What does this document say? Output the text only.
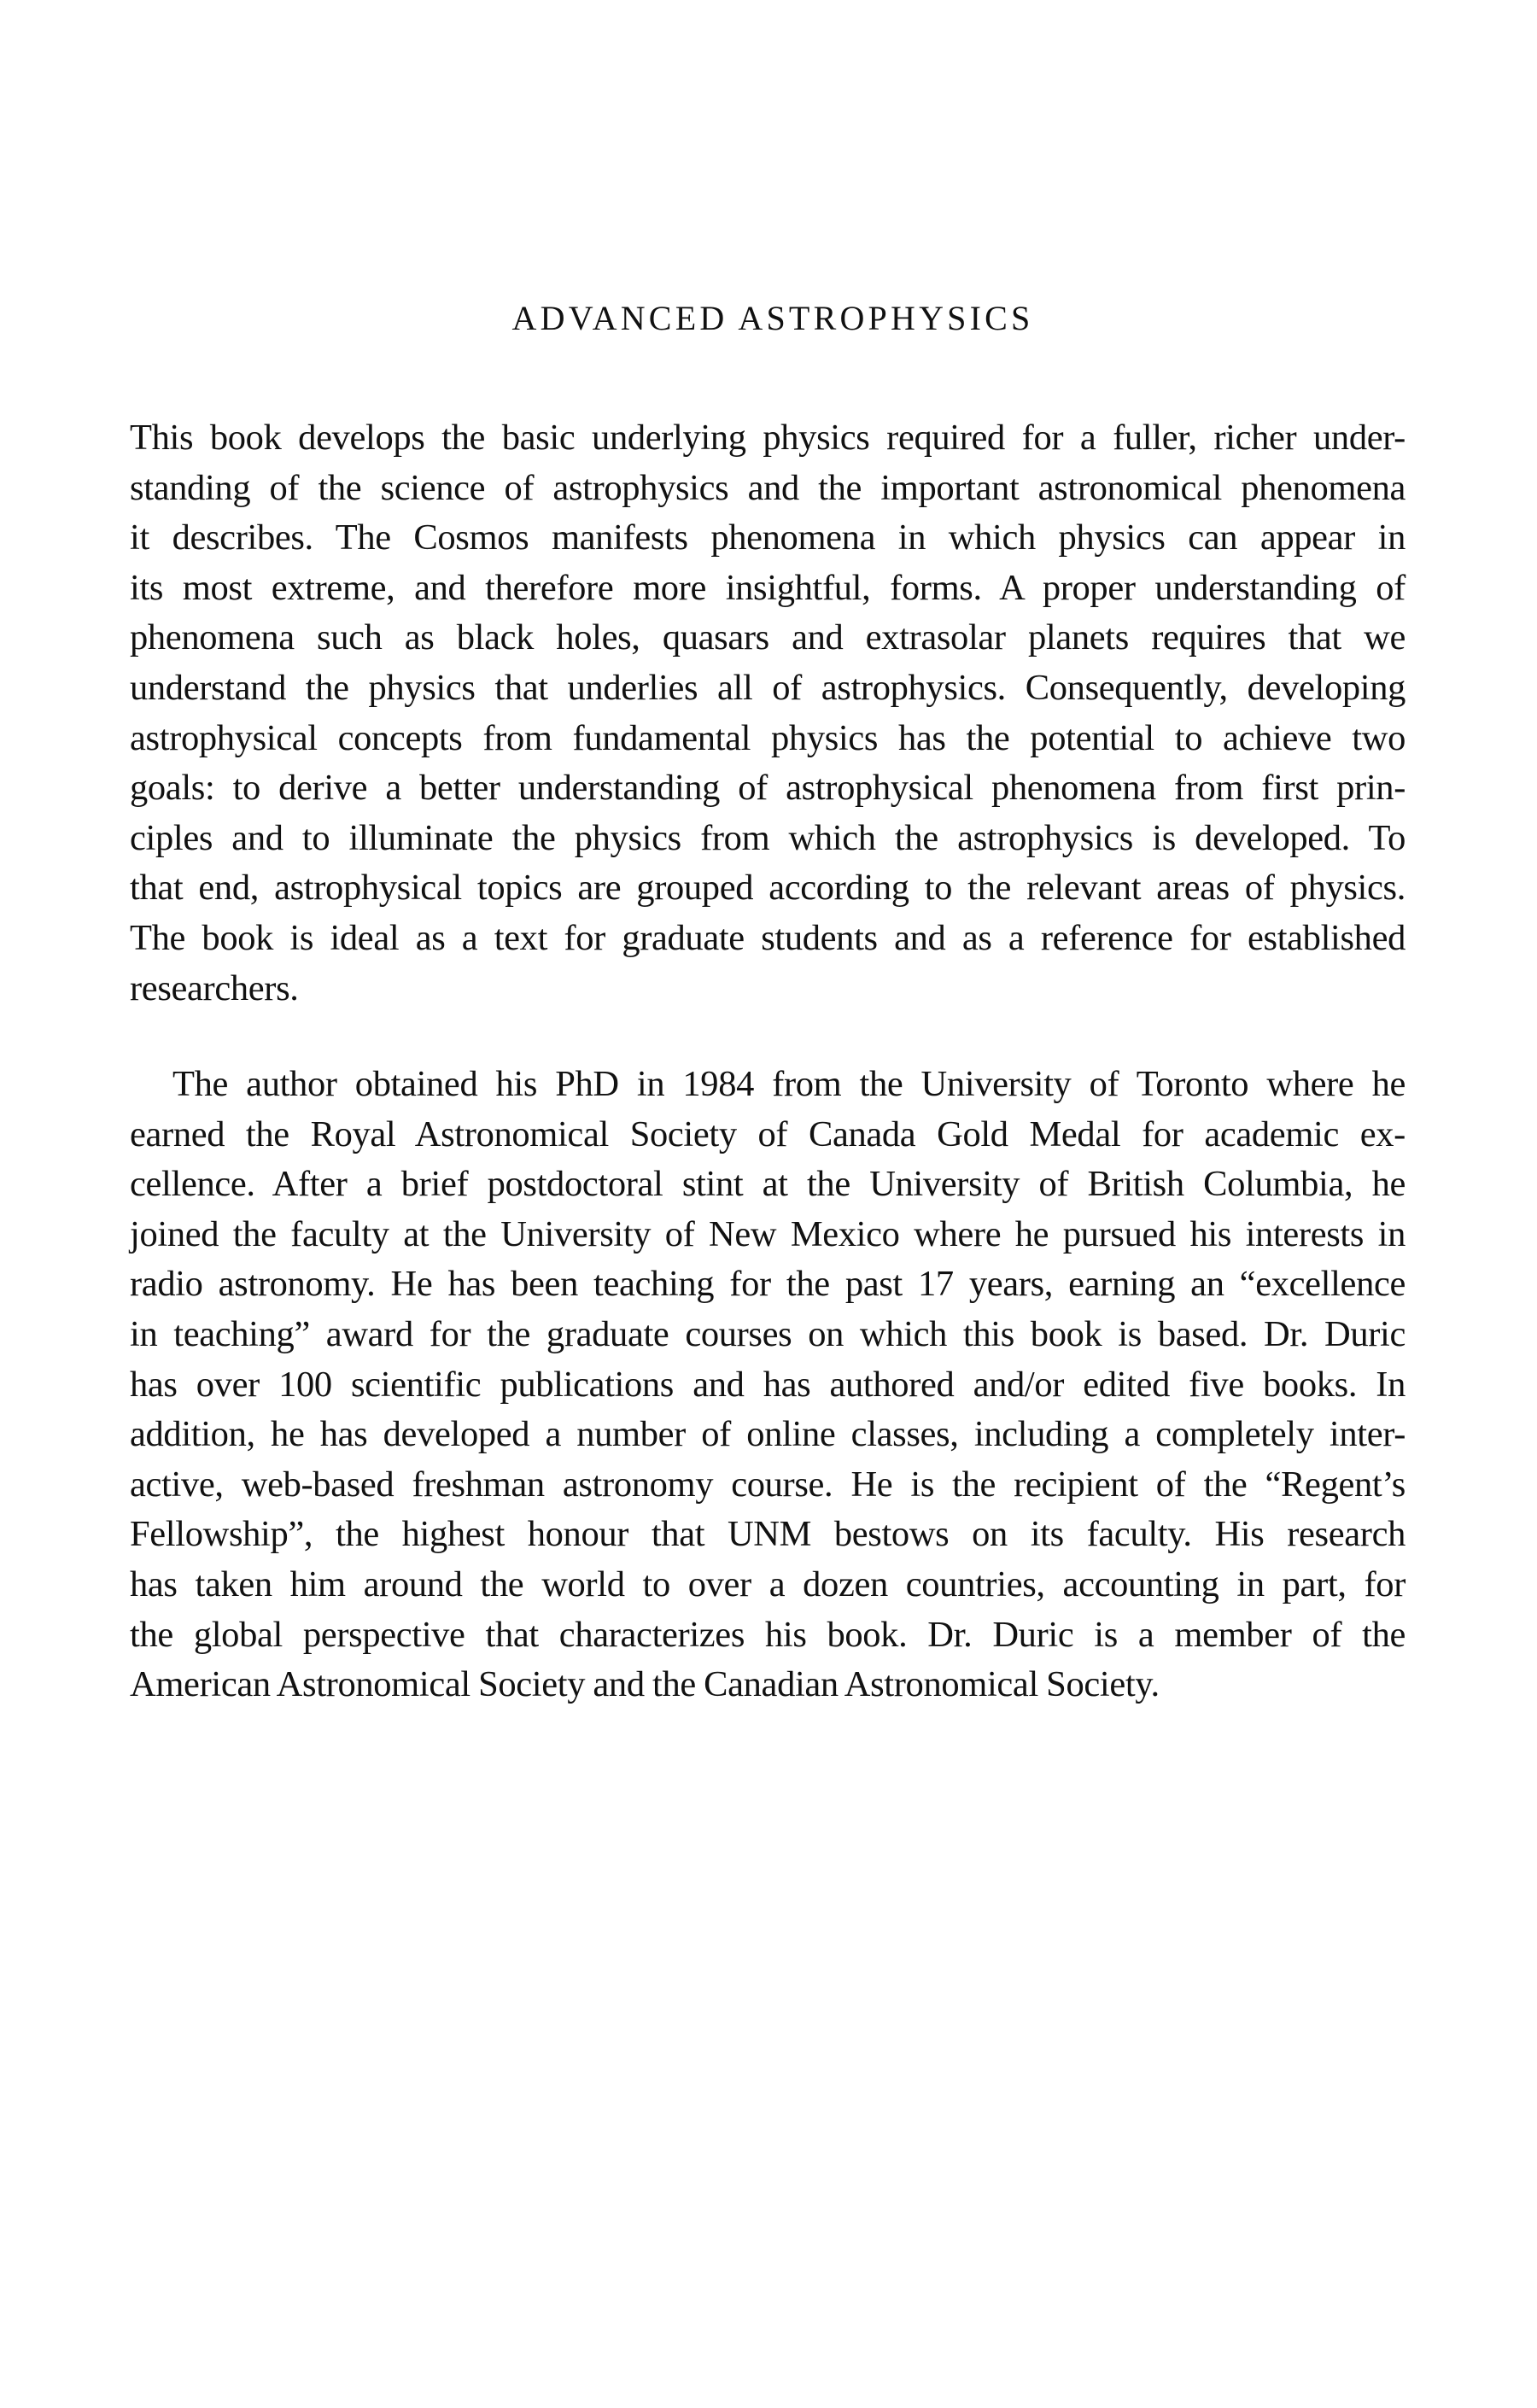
ADVANCED ASTROPHYSICS
This book develops the basic underlying physics required for a fuller, richer under-
standing of the science of astrophysics and the important astronomical phenomena
it describes. The Cosmos manifests phenomena in which physics can appear in
its most extreme, and therefore more insightful, forms. A proper understanding of
phenomena such as black holes, quasars and extrasolar planets requires that we
understand the physics that underlies all of astrophysics. Consequently, developing
astrophysical concepts from fundamental physics has the potential to achieve two
goals: to derive a better understanding of astrophysical phenomena from first prin-
ciples and to illuminate the physics from which the astrophysics is developed. To
that end, astrophysical topics are grouped according to the relevant areas of physics.
The book is ideal as a text for graduate students and as a reference for established
researchers.
The author obtained his PhD in 1984 from the University of Toronto where he
earned the Royal Astronomical Society of Canada Gold Medal for academic ex-
cellence. After a brief postdoctoral stint at the University of British Columbia, he
joined the faculty at the University of New Mexico where he pursued his interests in
radio astronomy. He has been teaching for the past 17 years, earning an “excellence
in teaching” award for the graduate courses on which this book is based. Dr. Duric
has over 100 scientific publications and has authored and/or edited five books. In
addition, he has developed a number of online classes, including a completely inter-
active, web-based freshman astronomy course. He is the recipient of the “Regent’s
Fellowship”, the highest honour that UNM bestows on its faculty. His research
has taken him around the world to over a dozen countries, accounting in part, for
the global perspective that characterizes his book. Dr. Duric is a member of the
American Astronomical Society and the Canadian Astronomical Society.
